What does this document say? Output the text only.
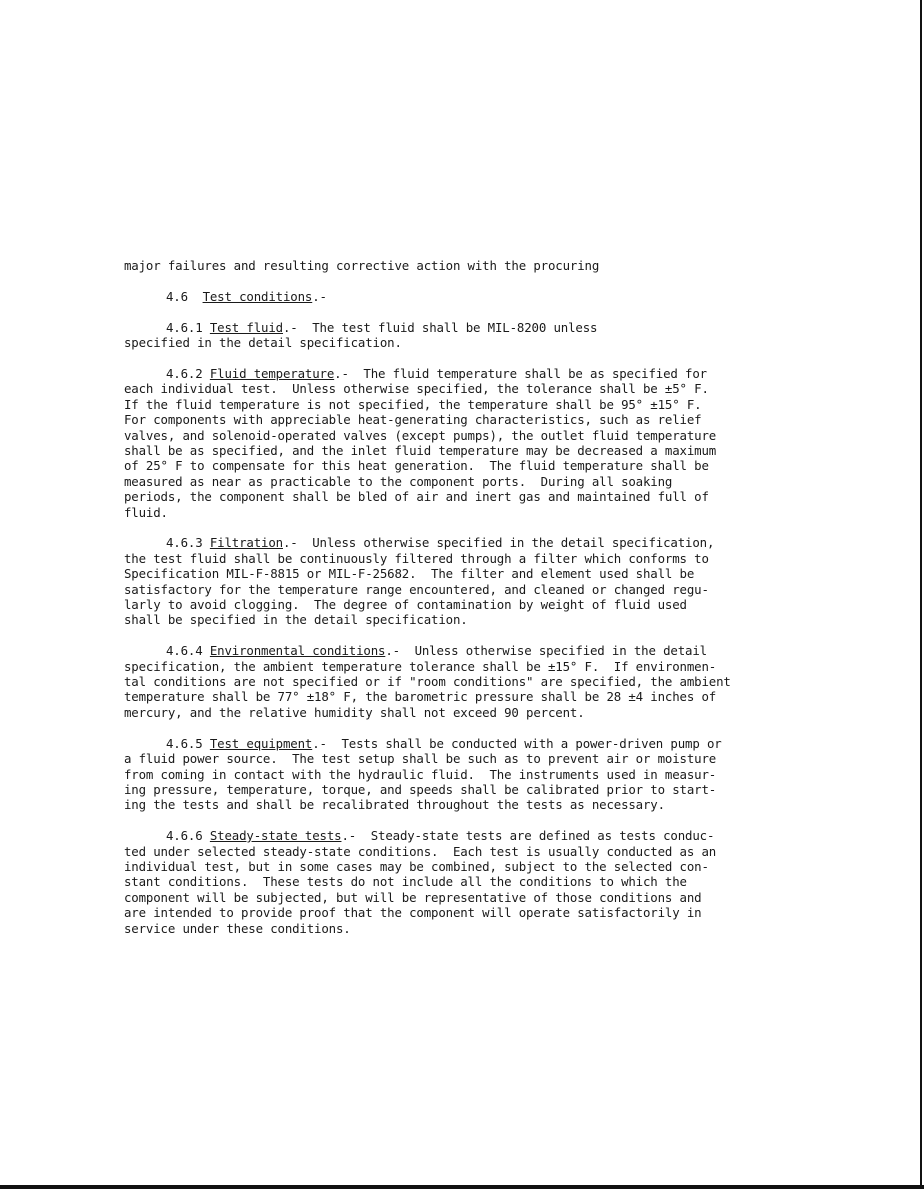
major failures and resulting corrective action with the procuring
4.6 Test conditions.-
4.6.1 Test fluid.- The test fluid shall be MIL-8200 unless
specified in the detail specification.
4.6.2 Fluid temperature.- The fluid temperature shall be as specified for
each individual test.  Unless otherwise specified, the tolerance shall be ±5° F.
If the fluid temperature is not specified, the temperature shall be 95° ±15° F.
For components with appreciable heat-generating characteristics, such as relief
valves, and solenoid-operated valves (except pumps), the outlet fluid temperature
shall be as specified, and the inlet fluid temperature may be decreased a maximum
of 25° F to compensate for this heat generation.  The fluid temperature shall be
measured as near as practicable to the component ports.  During all soaking
periods, the component shall be bled of air and inert gas and maintained full of
fluid.
4.6.3 Filtration.- Unless otherwise specified in the detail specification,
the test fluid shall be continuously filtered through a filter which conforms to
Specification MIL-F-8815 or MIL-F-25682.  The filter and element used shall be
satisfactory for the temperature range encountered, and cleaned or changed regu-
larly to avoid clogging.  The degree of contamination by weight of fluid used
shall be specified in the detail specification.
4.6.4 Environmental conditions.- Unless otherwise specified in the detail
specification, the ambient temperature tolerance shall be ±15° F.  If environmen-
tal conditions are not specified or if "room conditions" are specified, the ambient
temperature shall be 77° ±18° F, the barometric pressure shall be 28 ±4 inches of
mercury, and the relative humidity shall not exceed 90 percent.
4.6.5 Test equipment.- Tests shall be conducted with a power-driven pump or
a fluid power source.  The test setup shall be such as to prevent air or moisture
from coming in contact with the hydraulic fluid.  The instruments used in measur-
ing pressure, temperature, torque, and speeds shall be calibrated prior to start-
ing the tests and shall be recalibrated throughout the tests as necessary.
4.6.6 Steady-state tests.- Steady-state tests are defined as tests conduc-
ted under selected steady-state conditions.  Each test is usually conducted as an
individual test, but in some cases may be combined, subject to the selected con-
stant conditions.  These tests do not include all the conditions to which the
component will be subjected, but will be representative of those conditions and
are intended to provide proof that the component will operate satisfactorily in
service under these conditions.
